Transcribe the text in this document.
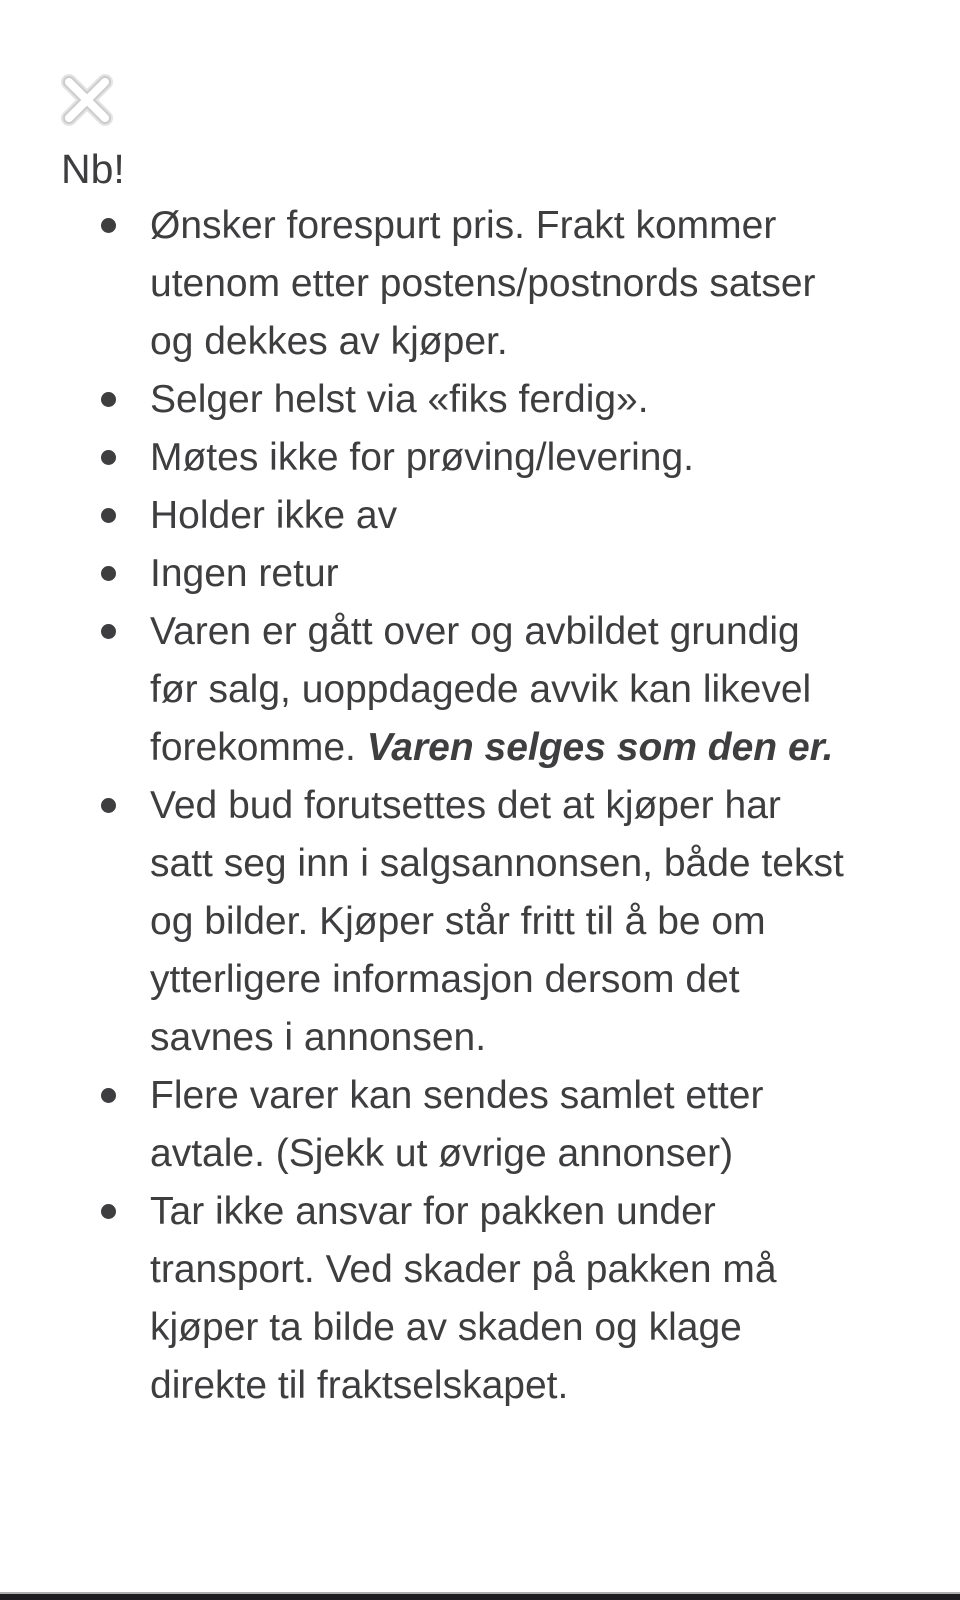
Nb!
Ønsker forespurt pris. Frakt kommer utenom etter postens/postnords satser og dekkes av kjøper.
Selger helst via «fiks ferdig».
Møtes ikke for prøving/levering.
Holder ikke av
Ingen retur
Varen er gått over og avbildet grundig før salg, uoppdagede avvik kan likevel forekomme. Varen selges som den er.
Ved bud forutsettes det at kjøper har satt seg inn i salgsannonsen, både tekst og bilder. Kjøper står fritt til å be om ytterligere informasjon dersom det savnes i annonsen.
Flere varer kan sendes samlet etter avtale. (Sjekk ut øvrige annonser)
Tar ikke ansvar for pakken under transport. Ved skader på pakken må kjøper ta bilde av skaden og klage direkte til fraktselskapet.
